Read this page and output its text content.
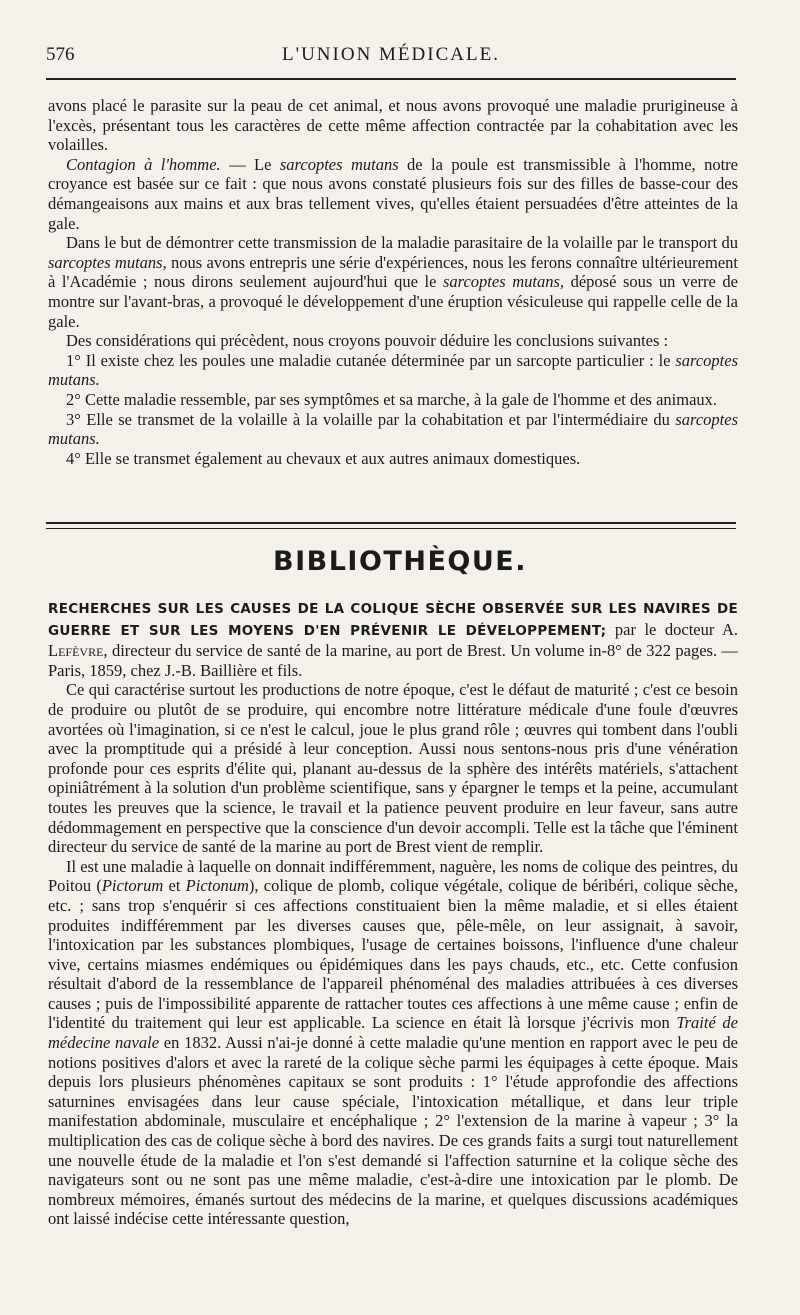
576	L'UNION MÉDICALE.

avons placé le parasite sur la peau de cet animal, et nous avons provoqué une maladie prurigineuse à l'excès, présentant tous les caractères de cette même affection contractée par la cohabitation avec les volailles.

Contagion à l'homme. — Le sarcoptes mutans de la poule est transmissible à l'homme, notre croyance est basée sur ce fait : que nous avons constaté plusieurs fois sur des filles de basse-cour des démangeaisons aux mains et aux bras tellement vives, qu'elles étaient persuadées d'être atteintes de la gale.

Dans le but de démontrer cette transmission de la maladie parasitaire de la volaille par le transport du sarcoptes mutans, nous avons entrepris une série d'expériences, nous les ferons connaître ultérieurement à l'Académie ; nous dirons seulement aujourd'hui que le sarcoptes mutans, déposé sous un verre de montre sur l'avant-bras, a provoqué le développement d'une éruption vésiculeuse qui rappelle celle de la gale.

Des considérations qui précèdent, nous croyons pouvoir déduire les conclusions suivantes :

1° Il existe chez les poules une maladie cutanée déterminée par un sarcopte particulier : le sarcoptes mutans.

2° Cette maladie ressemble, par ses symptômes et sa marche, à la gale de l'homme et des animaux.

3° Elle se transmet de la volaille à la volaille par la cohabitation et par l'intermédiaire du sarcoptes mutans.

4° Elle se transmet également au chevaux et aux autres animaux domestiques.

BIBLIOTHÈQUE.

RECHERCHES SUR LES CAUSES DE LA COLIQUE SÈCHE OBSERVÉE SUR LES NAVIRES DE GUERRE ET SUR LES MOYENS D'EN PRÉVENIR LE DÉVELOPPEMENT; par le docteur A. Lefèvre, directeur du service de santé de la marine, au port de Brest. Un volume in-8° de 322 pages. — Paris, 1859, chez J.-B. Baillière et fils.

Ce qui caractérise surtout les productions de notre époque, c'est le défaut de maturité ; c'est ce besoin de produire ou plutôt de se produire, qui encombre notre littérature médicale d'une foule d'œuvres avortées où l'imagination, si ce n'est le calcul, joue le plus grand rôle ; œuvres qui tombent dans l'oubli avec la promptitude qui a présidé à leur conception. Aussi nous sentons-nous pris d'une vénération profonde pour ces esprits d'élite qui, planant au-dessus de la sphère des intérêts matériels, s'attachent opiniâtrément à la solution d'un problème scientifique, sans y épargner le temps et la peine, accumulant toutes les preuves que la science, le travail et la patience peuvent produire en leur faveur, sans autre dédommagement en perspective que la conscience d'un devoir accompli. Telle est la tâche que l'éminent directeur du service de santé de la marine au port de Brest vient de remplir.

Il est une maladie à laquelle on donnait indifféremment, naguère, les noms de colique des peintres, du Poitou (Pictorum et Pictonum), colique de plomb, colique végétale, colique de béribéri, colique sèche, etc. ; sans trop s'enquérir si ces affections constituaient bien la même maladie, et si elles étaient produites indifféremment par les diverses causes que, pêle-mêle, on leur assignait, à savoir, l'intoxication par les substances plombiques, l'usage de certaines boissons, l'influence d'une chaleur vive, certains miasmes endémiques ou épidémiques dans les pays chauds, etc., etc. Cette confusion résultait d'abord de la ressemblance de l'appareil phénoménal des maladies attribuées à ces diverses causes ; puis de l'impossibilité apparente de rattacher toutes ces affections à une même cause ; enfin de l'identité du traitement qui leur est applicable. La science en était là lorsque j'écrivis mon Traité de médecine navale en 1832. Aussi n'ai-je donné à cette maladie qu'une mention en rapport avec le peu de notions positives d'alors et avec la rareté de la colique sèche parmi les équipages à cette époque. Mais depuis lors plusieurs phénomènes capitaux se sont produits : 1° l'étude approfondie des affections saturnines envisagées dans leur cause spéciale, l'intoxication métallique, et dans leur triple manifestation abdominale, musculaire et encéphalique ; 2° l'extension de la marine à vapeur ; 3° la multiplication des cas de colique sèche à bord des navires. De ces grands faits a surgi tout naturellement une nouvelle étude de la maladie et l'on s'est demandé si l'affection saturnine et la colique sèche des navigateurs sont ou ne sont pas une même maladie, c'est-à-dire une intoxication par le plomb. De nombreux mémoires, émanés surtout des médecins de la marine, et quelques discussions académiques ont laissé indécise cette intéressante question,
